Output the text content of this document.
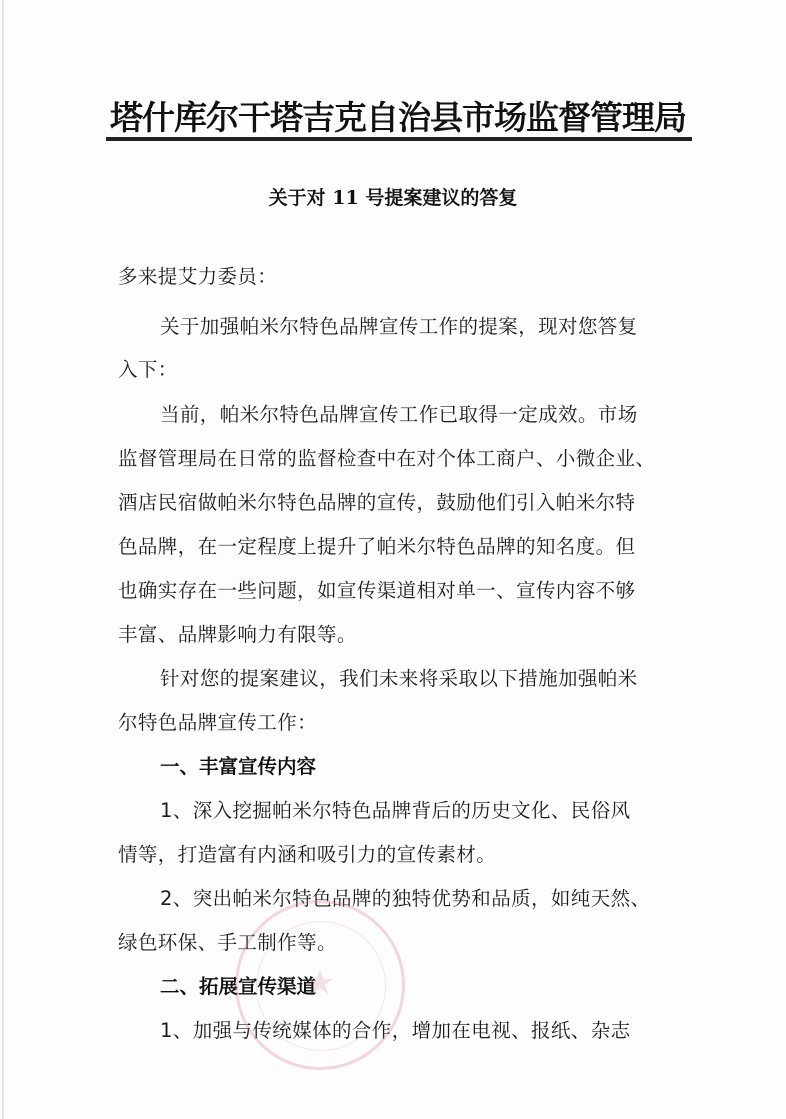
塔什库尔干塔吉克自治县市场监督管理局
关于对 11 号提案建议的答复
多来提艾力委员：
关于加强帕米尔特色品牌宣传工作的提案，现对您答复
入下：
当前，帕米尔特色品牌宣传工作已取得一定成效。市场
监督管理局在日常的监督检查中在对个体工商户、小微企业、
酒店民宿做帕米尔特色品牌的宣传，鼓励他们引入帕米尔特
色品牌，在一定程度上提升了帕米尔特色品牌的知名度。但
也确实存在一些问题，如宣传渠道相对单一、宣传内容不够
丰富、品牌影响力有限等。
针对您的提案建议，我们未来将采取以下措施加强帕米
尔特色品牌宣传工作：
一、丰富宣传内容
1、深入挖掘帕米尔特色品牌背后的历史文化、民俗风
情等，打造富有内涵和吸引力的宣传素材。
2、突出帕米尔特色品牌的独特优势和品质，如纯天然、
绿色环保、手工制作等。
二、拓展宣传渠道
1、加强与传统媒体的合作，增加在电视、报纸、杂志
★
